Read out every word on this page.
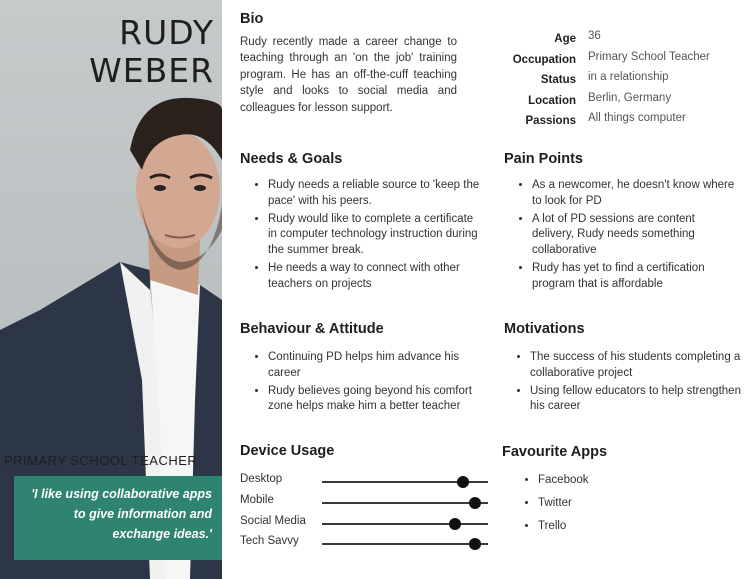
RUDY
WEBER
PRIMARY SCHOOL TEACHER
'I like using collaborative apps to give information and exchange ideas.'
Bio
Rudy recently made a career change to teaching through an 'on the job' training program. He has an off-the-cuff teaching style and looks to social media and colleagues for lesson support.
Age 36
Occupation Primary School Teacher
Status in a relationship
Location Berlin, Germany
Passions All things computer
Needs & Goals
• Rudy needs a reliable source to 'keep the pace' with his peers.
• Rudy would like to complete a certificate in computer technology instruction during the summer break.
• He needs a way to connect with other teachers on projects
Pain Points
• As a newcomer, he doesn't know where to look for PD
• A lot of PD sessions are content delivery, Rudy needs something collaborative
• Rudy has yet to find a certification program that is affordable
Behaviour & Attitude
• Continuing PD helps him advance his career
• Rudy believes going beyond his comfort zone helps make him a better teacher
Motivations
• The success of his students completing a collaborative project
• Using fellow educators to help strengthen his career
Device Usage
Desktop
Mobile
Social Media
Tech Savvy
Favourite Apps
• Facebook
• Twitter
• Trello
